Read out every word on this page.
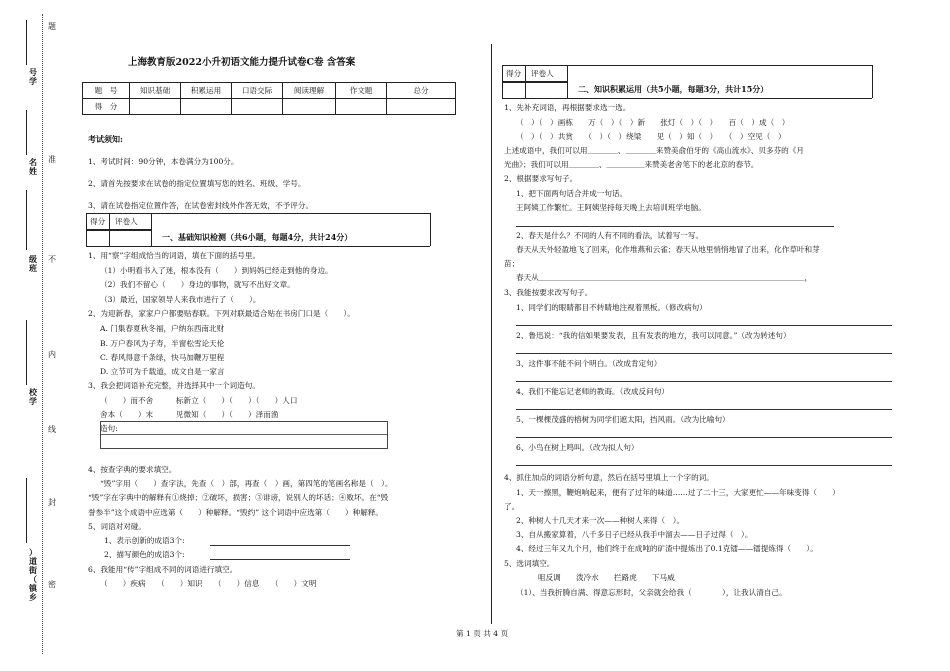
号
学
名
姓
级
班
校
学
）
道
街
（
镇
乡
题
准
不
内
线
封
密
上海教育版2022小升初语文能力提升试卷C卷 含答案
题　号	知识基础	积累运用	口语交际	阅读理解	作文题	总分
得　分						
考试须知:
1、考试时间：90分钟，本卷满分为100分。
2、请首先按要求在试卷的指定位置填写您的姓名、班级、学号。
3、请在试卷指定位置作答，在试卷密封线外作答无效，不予评分。
得分 评卷人
一、基础知识检测（共6小题，每题4分，共计24分）
1、用“察”字组成恰当的词语，填在下面的括号里。
（1）小明看书入了迷，根本没有（　　）到妈妈已经走到他的身边。
（2）我们不留心（　　）身边的事物，就写不出好文章。
（3）最近，国家领导人来我市进行了（　　）。
2、为迎新春，家家户户都要贴春联。下列对联最适合贴在书房门口是（　　）。
A. 门集春夏秋冬福，户纳东西南北财
B. 万户春风为子寿，半窗松雪论天伦
C. 春风得意千条绿，快马加鞭万里程
D. 立节可为千载道，成文自是一家言
3、我会把词语补充完整，并选择其中一个词造句。
（　　）而不舍　　　标新立（　　）（　　）（　　）人口
舍本（　　）末　　　见微知（　　）（　　）泽而渔
造句:
4、按查字典的要求填空。
“毁”字用（　　）查字法，先查（　）部，再查（　）画，第四笔的笔画名称是（　）。
“毁”字在字典中的解释有①烧掉；②破坏，损害；③诽谤，说别人的坏话；④败坏。在“毁
誉参半”这个成语中应选第（　　）种解释。“毁约” 这个词语中应选第（　　）种解释。
5、词语对对碰。
1、表示创新的成语3个:
2、描写颜色的成语3个:
6、我能用“传”字组成不同的词语进行填空。
（　　）疾病　　（　　）知识　　（　　）信息　　（　　）文明
得分 评卷人
二、知识积累运用（共5小题，每题3分，共计15分）
1、先补充词语，再根据要求选一选。
（　）（　）画栋　　万（　）（　）新　　张灯（　）（　）　　百（　）成（　）
（　）（　）共赏　　（　）（　）绕梁　　见（　）知（　）　　（　）空见（　）
上述成语中，我们可以用＿＿＿＿、＿＿＿＿来赞美俞伯牙的《高山流水》、贝多芬的《月
光曲》；我们可以用＿＿＿＿、＿＿＿＿＿来赞美老舍笔下的老北京的春节。
2、根据要求写句子。
1、把下面两句话合并成一句话。
王阿姨工作繁忙。王阿姨坚持每天晚上去培训班学电脑。
2、春天是什么？不同的人有不同的看法，试着写一写。
春天从天外轻盈地飞了回来，化作堆燕和云雀；春天从地里悄悄地冒了出来，化作草叶和芽
苗；
春天从＿＿＿＿＿＿＿＿＿＿＿＿＿＿＿＿＿＿＿＿＿＿＿＿＿＿＿＿＿＿＿＿＿＿＿，
3、我能按要求改写句子。
1、同学们的眼睛都目不转睛地注视着黑板。（修改病句）
2、鲁迅说：“我的信如果要发表，且有发表的地方，我可以同意。”（改为转述句）
3、这件事不能不问个明白。（改成肯定句）
4、我们不能忘记老师的教诲。（改成反问句）
5、一棵棵茂盛的榕树为同学们遮太阳，挡风雨。（改为比喻句）
6、小鸟在树上鸣叫。（改为拟人句）
4、抓住加点的词语分析句意，然后在括号里填上一个字的词。
1、天一擦黑，鞭炮响起来，便有了过年的味道……过了二十三，大家更忙——年味变得（　　）
了。
2、种树人十几天才来一次——种树人来得（　）。
3、自从搬家算着，八千多日子已经从我手中溜去——日子过得（　）。
4、经过三年又九个月，他们终于在成吨的矿渣中提炼出了0.1克镭——镭提炼得（　　）。
5、选词填空。
咀反调　　泼冷水　　拦路虎　　下马威
（1）、当我折腾自满、得意忘形时，父亲就会给我（　　　　），让我认清自己。
第 1 页 共 4 页
